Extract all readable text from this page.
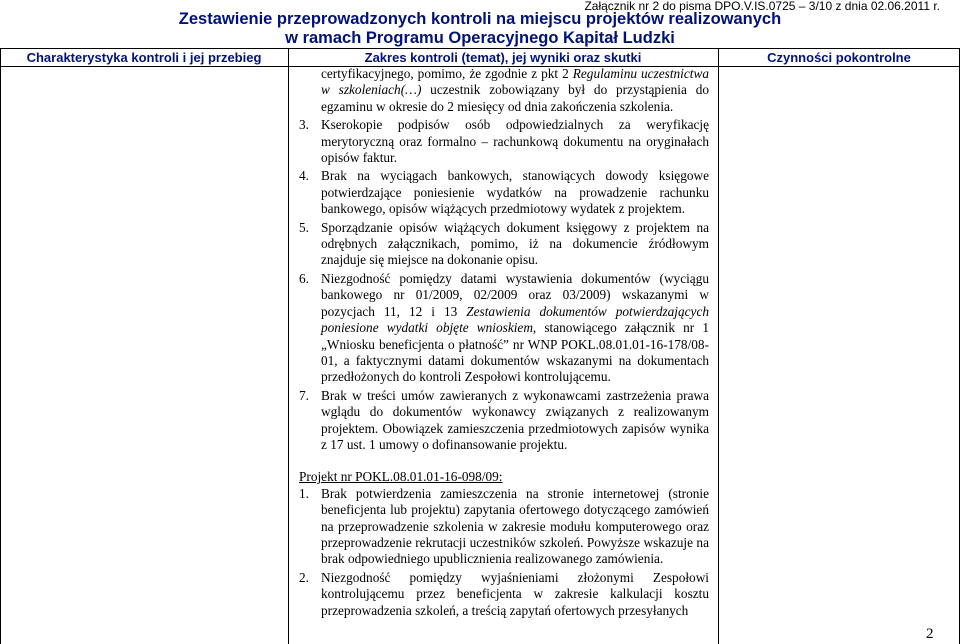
Załącznik nr 2 do pisma DPO.V.IS.0725 – 3/10 z dnia 02.06.2011 r.
Zestawienie przeprowadzonych kontroli na miejscu projektów realizowanych
w ramach Programu Operacyjnego Kapitał Ludzki
Charakterystyka kontroli i jej przebieg	Zakres kontroli (temat), jej wyniki oraz skutki	Czynności pokontrolne
certyfikacyjnego, pomimo, że zgodnie z pkt 2 Regulaminu uczestnictwa w szkoleniach(…) uczestnik zobowiązany był do przystąpienia do egzaminu w okresie do 2 miesięcy od dnia zakończenia szkolenia.
3. Kserokopie podpisów osób odpowiedzialnych za weryfikację merytoryczną oraz formalno – rachunkową dokumentu na oryginałach opisów faktur.
4. Brak na wyciągach bankowych, stanowiących dowody księgowe potwierdzające poniesienie wydatków na prowadzenie rachunku bankowego, opisów wiążących przedmiotowy wydatek z projektem.
5. Sporządzanie opisów wiążących dokument księgowy z projektem na odrębnych załącznikach, pomimo, iż na dokumencie źródłowym znajduje się miejsce na dokonanie opisu.
6. Niezgodność pomiędzy datami wystawienia dokumentów (wyciągu bankowego nr 01/2009, 02/2009 oraz 03/2009) wskazanymi w pozycjach 11, 12 i 13 Zestawienia dokumentów potwierdzających poniesione wydatki objęte wnioskiem, stanowiącego załącznik nr 1 „Wniosku beneficjenta o płatność” nr WNP POKL.08.01.01-16-178/08-01, a faktycznymi datami dokumentów wskazanymi na dokumentach przedłożonych do kontroli Zespołowi kontrolującemu.
7. Brak w treści umów zawieranych z wykonawcami zastrzeżenia prawa wglądu do dokumentów wykonawcy związanych z realizowanym projektem. Obowiązek zamieszczenia przedmiotowych zapisów wynika z 17 ust. 1 umowy o dofinansowanie projektu.
Projekt nr POKL.08.01.01-16-098/09:
1. Brak potwierdzenia zamieszczenia na stronie internetowej (stronie beneficjenta lub projektu) zapytania ofertowego dotyczącego zamówień na przeprowadzenie szkolenia w zakresie modułu komputerowego oraz przeprowadzenie rekrutacji uczestników szkoleń. Powyższe wskazuje na brak odpowiedniego upublicznienia realizowanego zamówienia.
2. Niezgodność pomiędzy wyjaśnieniami złożonymi Zespołowi kontrolującemu przez beneficjenta w zakresie kalkulacji kosztu przeprowadzenia szkoleń, a treścią zapytań ofertowych przesyłanych
2
